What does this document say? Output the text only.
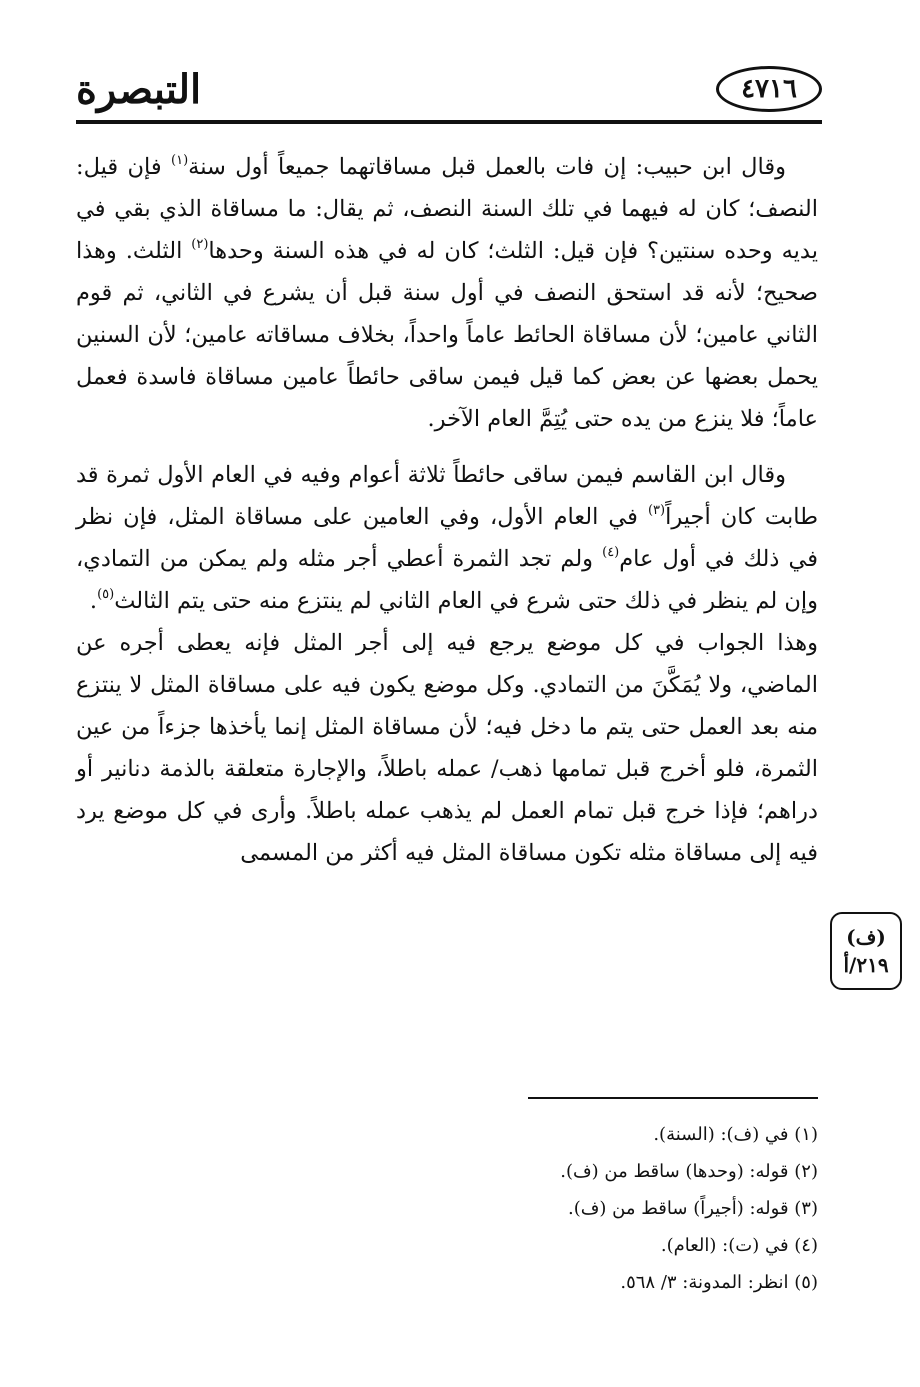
التبصرة	٤٧١٦

وقال ابن حبيب: إن فات بالعمل قبل مساقاتهما جميعاً أول سنة$^{(١)}$ فإن قيل: النصف؛ كان له فيهما في تلك السنة النصف، ثم يقال: ما مساقاة الذي بقي في يديه وحده سنتين؟ فإن قيل: الثلث؛ كان له في هذه السنة وحدها$^{(٢)}$ الثلث. وهذا صحيح؛ لأنه قد استحق النصف في أول سنة قبل أن يشرع في الثاني، ثم قوم الثاني عامين؛ لأن مساقاة الحائط عاماً واحداً، بخلاف مساقاته عامين؛ لأن السنين يحمل بعضها عن بعض كما قيل فيمن ساقى حائطاً عامين مساقاة فاسدة فعمل عاماً؛ فلا ينزع من يده حتى يُتِمَّ العام الآخر.

وقال ابن القاسم فيمن ساقى حائطاً ثلاثة أعوام وفيه في العام الأول ثمرة قد طابت كان أجيراً$^{(٣)}$ في العام الأول، وفي العامين على مساقاة المثل، فإن نظر في ذلك في أول عام$^{(٤)}$ ولم تجد الثمرة أعطي أجر مثله ولم يمكن من التمادي، وإن لم ينظر في ذلك حتى شرع في العام الثاني لم ينتزع منه حتى يتم الثالث$^{(٥)}$.

وهذا الجواب في كل موضع يرجع فيه إلى أجر المثل فإنه يعطى أجره عن الماضي، ولا يُمَكَّنَ من التمادي. وكل موضع يكون فيه على مساقاة المثل لا ينتزع منه بعد العمل حتى يتم ما دخل فيه؛ لأن مساقاة المثل إنما يأخذها جزءاً من عين الثمرة، فلو أخرج قبل تمامها ذهب/ عمله باطلاً، والإجارة متعلقة بالذمة دنانير أو دراهم؛ فإذا خرج قبل تمام العمل لم يذهب عمله باطلاً. وأرى في كل موضع يرد فيه إلى مساقاة مثله تكون مساقاة المثل فيه أكثر من المسمى

(ف)
٢١٩/أ
(١) في (ف): (السنة).
(٢) قوله: (وحدها) ساقط من (ف).
(٣) قوله: (أجيراً) ساقط من (ف).
(٤) في (ت): (العام).
(٥) انظر: المدونة: ٣/ ٥٦٨.
